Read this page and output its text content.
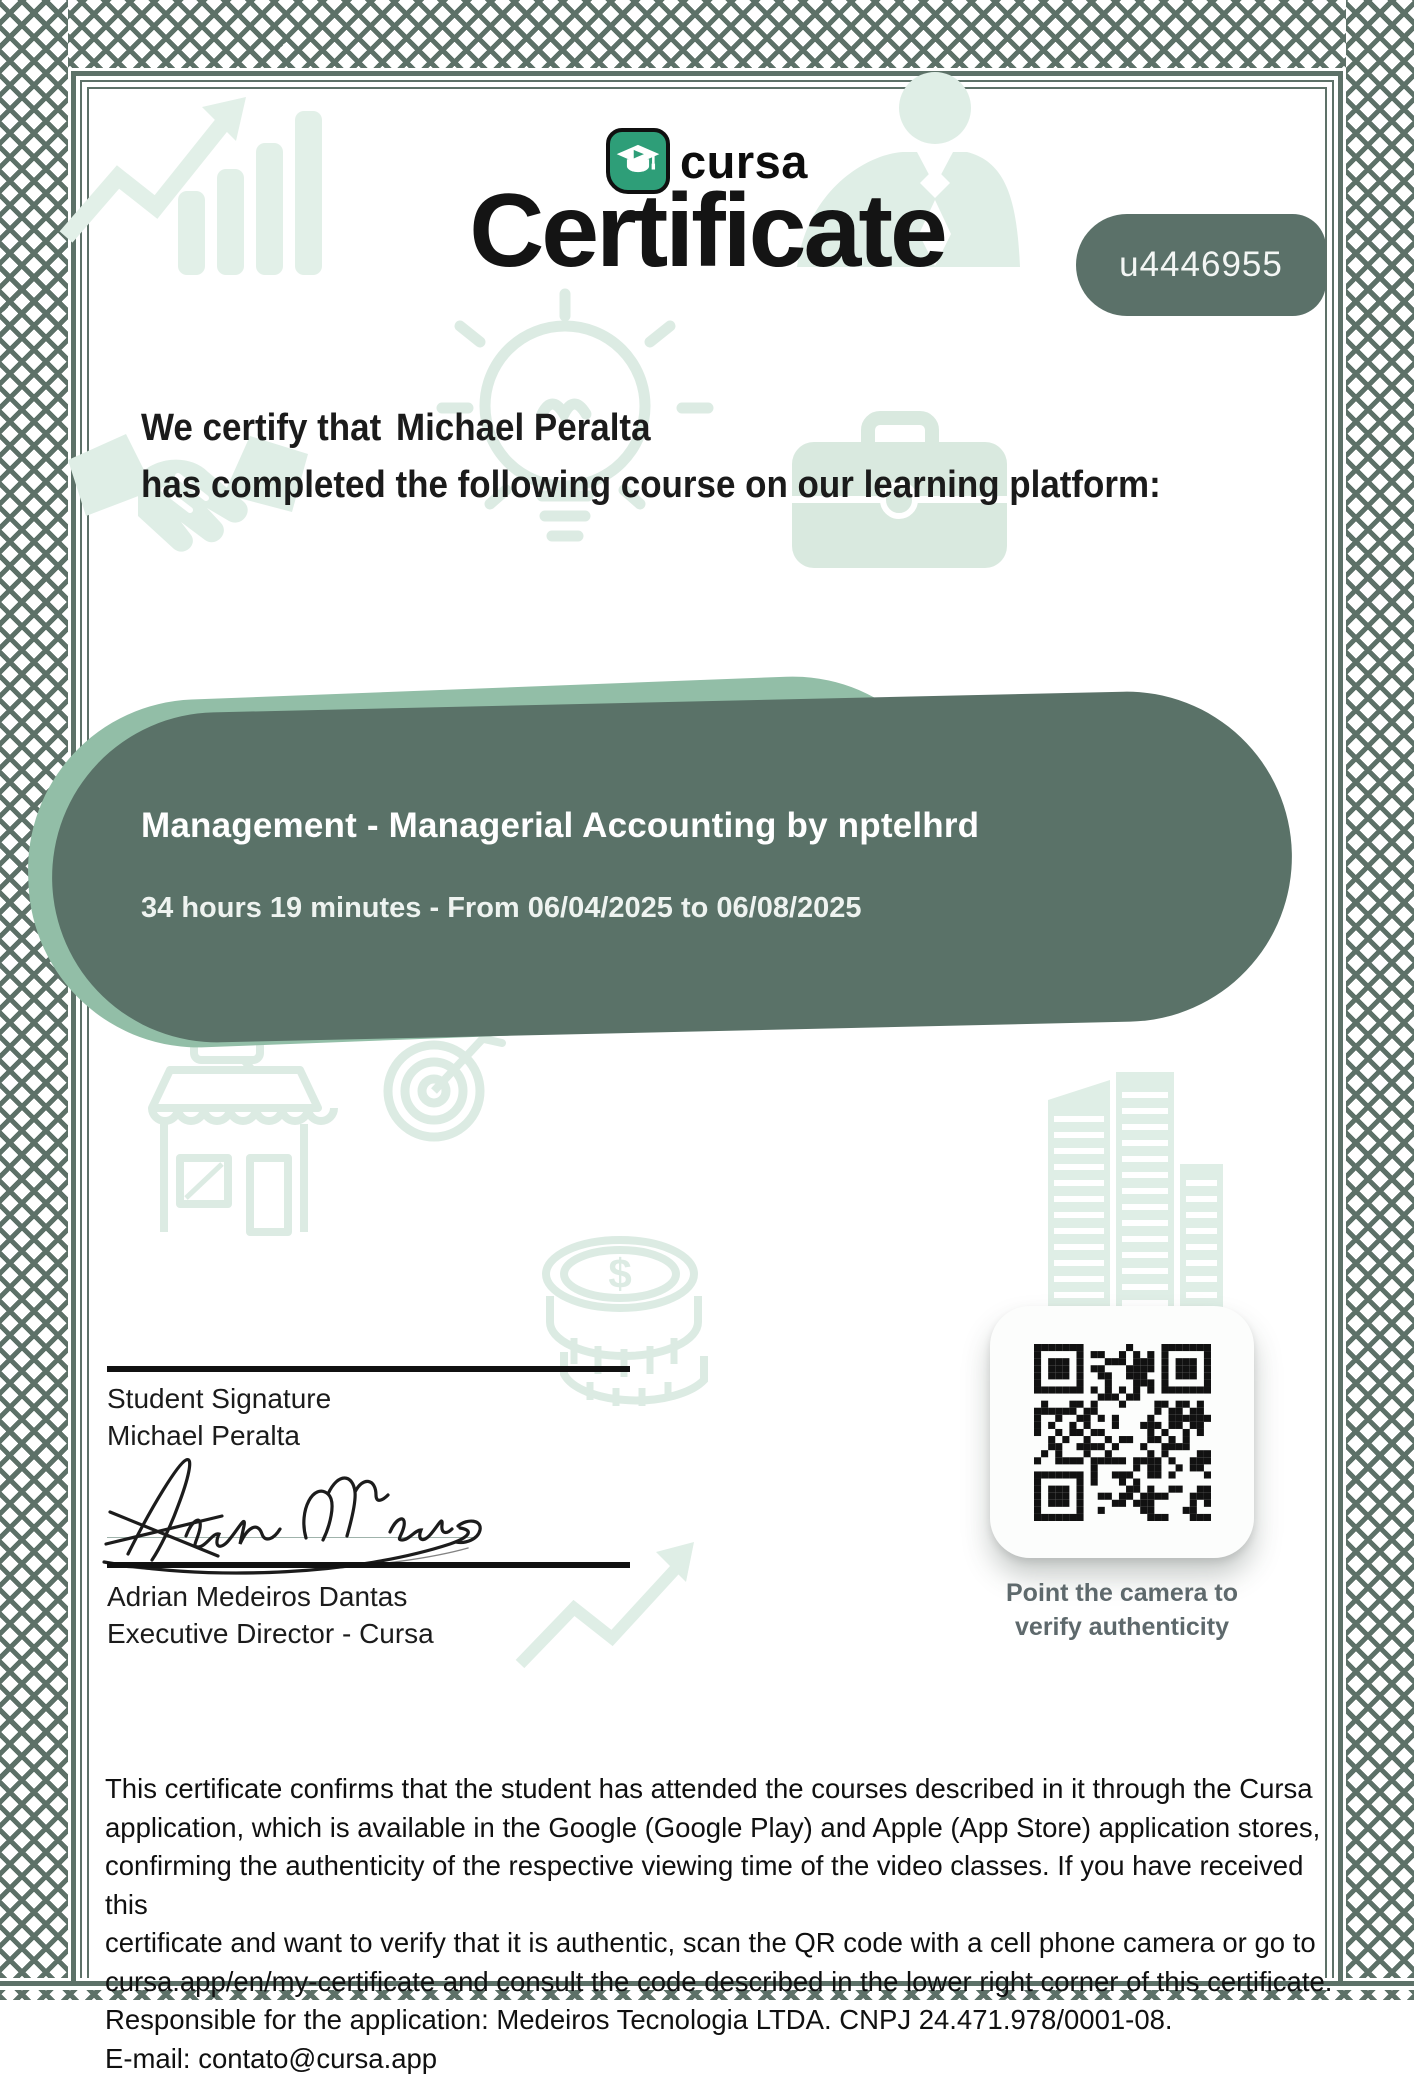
$
cursa
Certificate	u4446955
We certify that Michael Peralta
has completed the following course on our learning platform:
Management - Managerial Accounting by nptelhrd
34 hours 19 minutes - From 06/04/2025 to 06/08/2025
Student Signature
Michael Peralta
Adrian Medeiros Dantas
Executive Director - Cursa
Point the camera to
verify authenticity
This certificate confirms that the student has attended the courses described in it through the Cursa
application, which is available in the Google (Google Play) and Apple (App Store) application stores,
confirming the authenticity of the respective viewing time of the video classes. If you have received this
certificate and want to verify that it is authentic, scan the QR code with a cell phone camera or go to
cursa.app/en/my-certificate and consult the code described in the lower right corner of this certificate.
Responsible for the application: Medeiros Tecnologia LTDA. CNPJ 24.471.978/0001-08.
E-mail: contato@cursa.app
